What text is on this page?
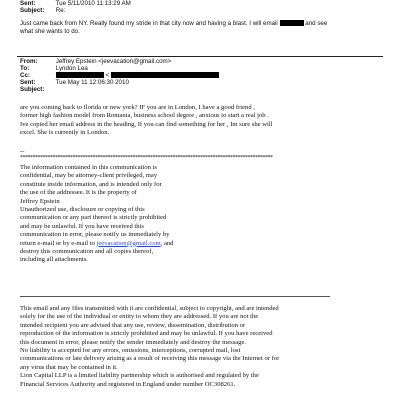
Sent:	Tue 5/11/2010 11:13:29 AM
Subject: Re:
Just came back from NY. Really found my stride in that city now and having a blast. I will email	and see
what she wants to do.
From:	Jeffrey Epstein <jeevacation@gmail.com>
To:	Lyndon Lea
Cc:	<
Sent:	Tue May 11 12:06:30 2010
Subject:
are you coming back to florida or new york? IF you are in London, I have a good friend ,
former high fashion model from Romania, business school degree , anxious to start a real job .
Ive copied her email address in the heading, If you can find something for her , Im sure she will
excel. She is currently in London.
--
*****************************************************************************************************
The information contained in this communication is
confidential, may be attorney-client privileged, may
constitute inside information, and is intended only for
the use of the addressee. It is the property of
Jeffrey Epstein
Unauthorized use, disclosure or copying of this
communication or any part thereof is strictly prohibited
and may be unlawful. If you have received this
communication in error, please notify us immediately by
return e-mail or by e-mail to jeevacation@gmail.com, and
destroy this communication and all copies thereof,
including all attachments.
This email and any files transmitted with it are confidential, subject to copyright, and are intended
solely for the use of the individual or entity to whom they are addressed. If you are not the
intended recipient you are advised that any use, review, dissemination, distribution or
reproduction of the information is strictly prohibited and may be unlawful. If you have received
this document in error, please notify the sender immediately and destroy the message.
No liability is accepted for any errors, omissions, interceptions, corrupted mail, lost
communications or late delivery arising as a result of receiving this message via the Internet or for
any virus that may be contained in it.
Lion Capital LLP is a limited liability partnership which is authorised and regulated by the
Financial Services Authority and registered in England under number OC308261.
